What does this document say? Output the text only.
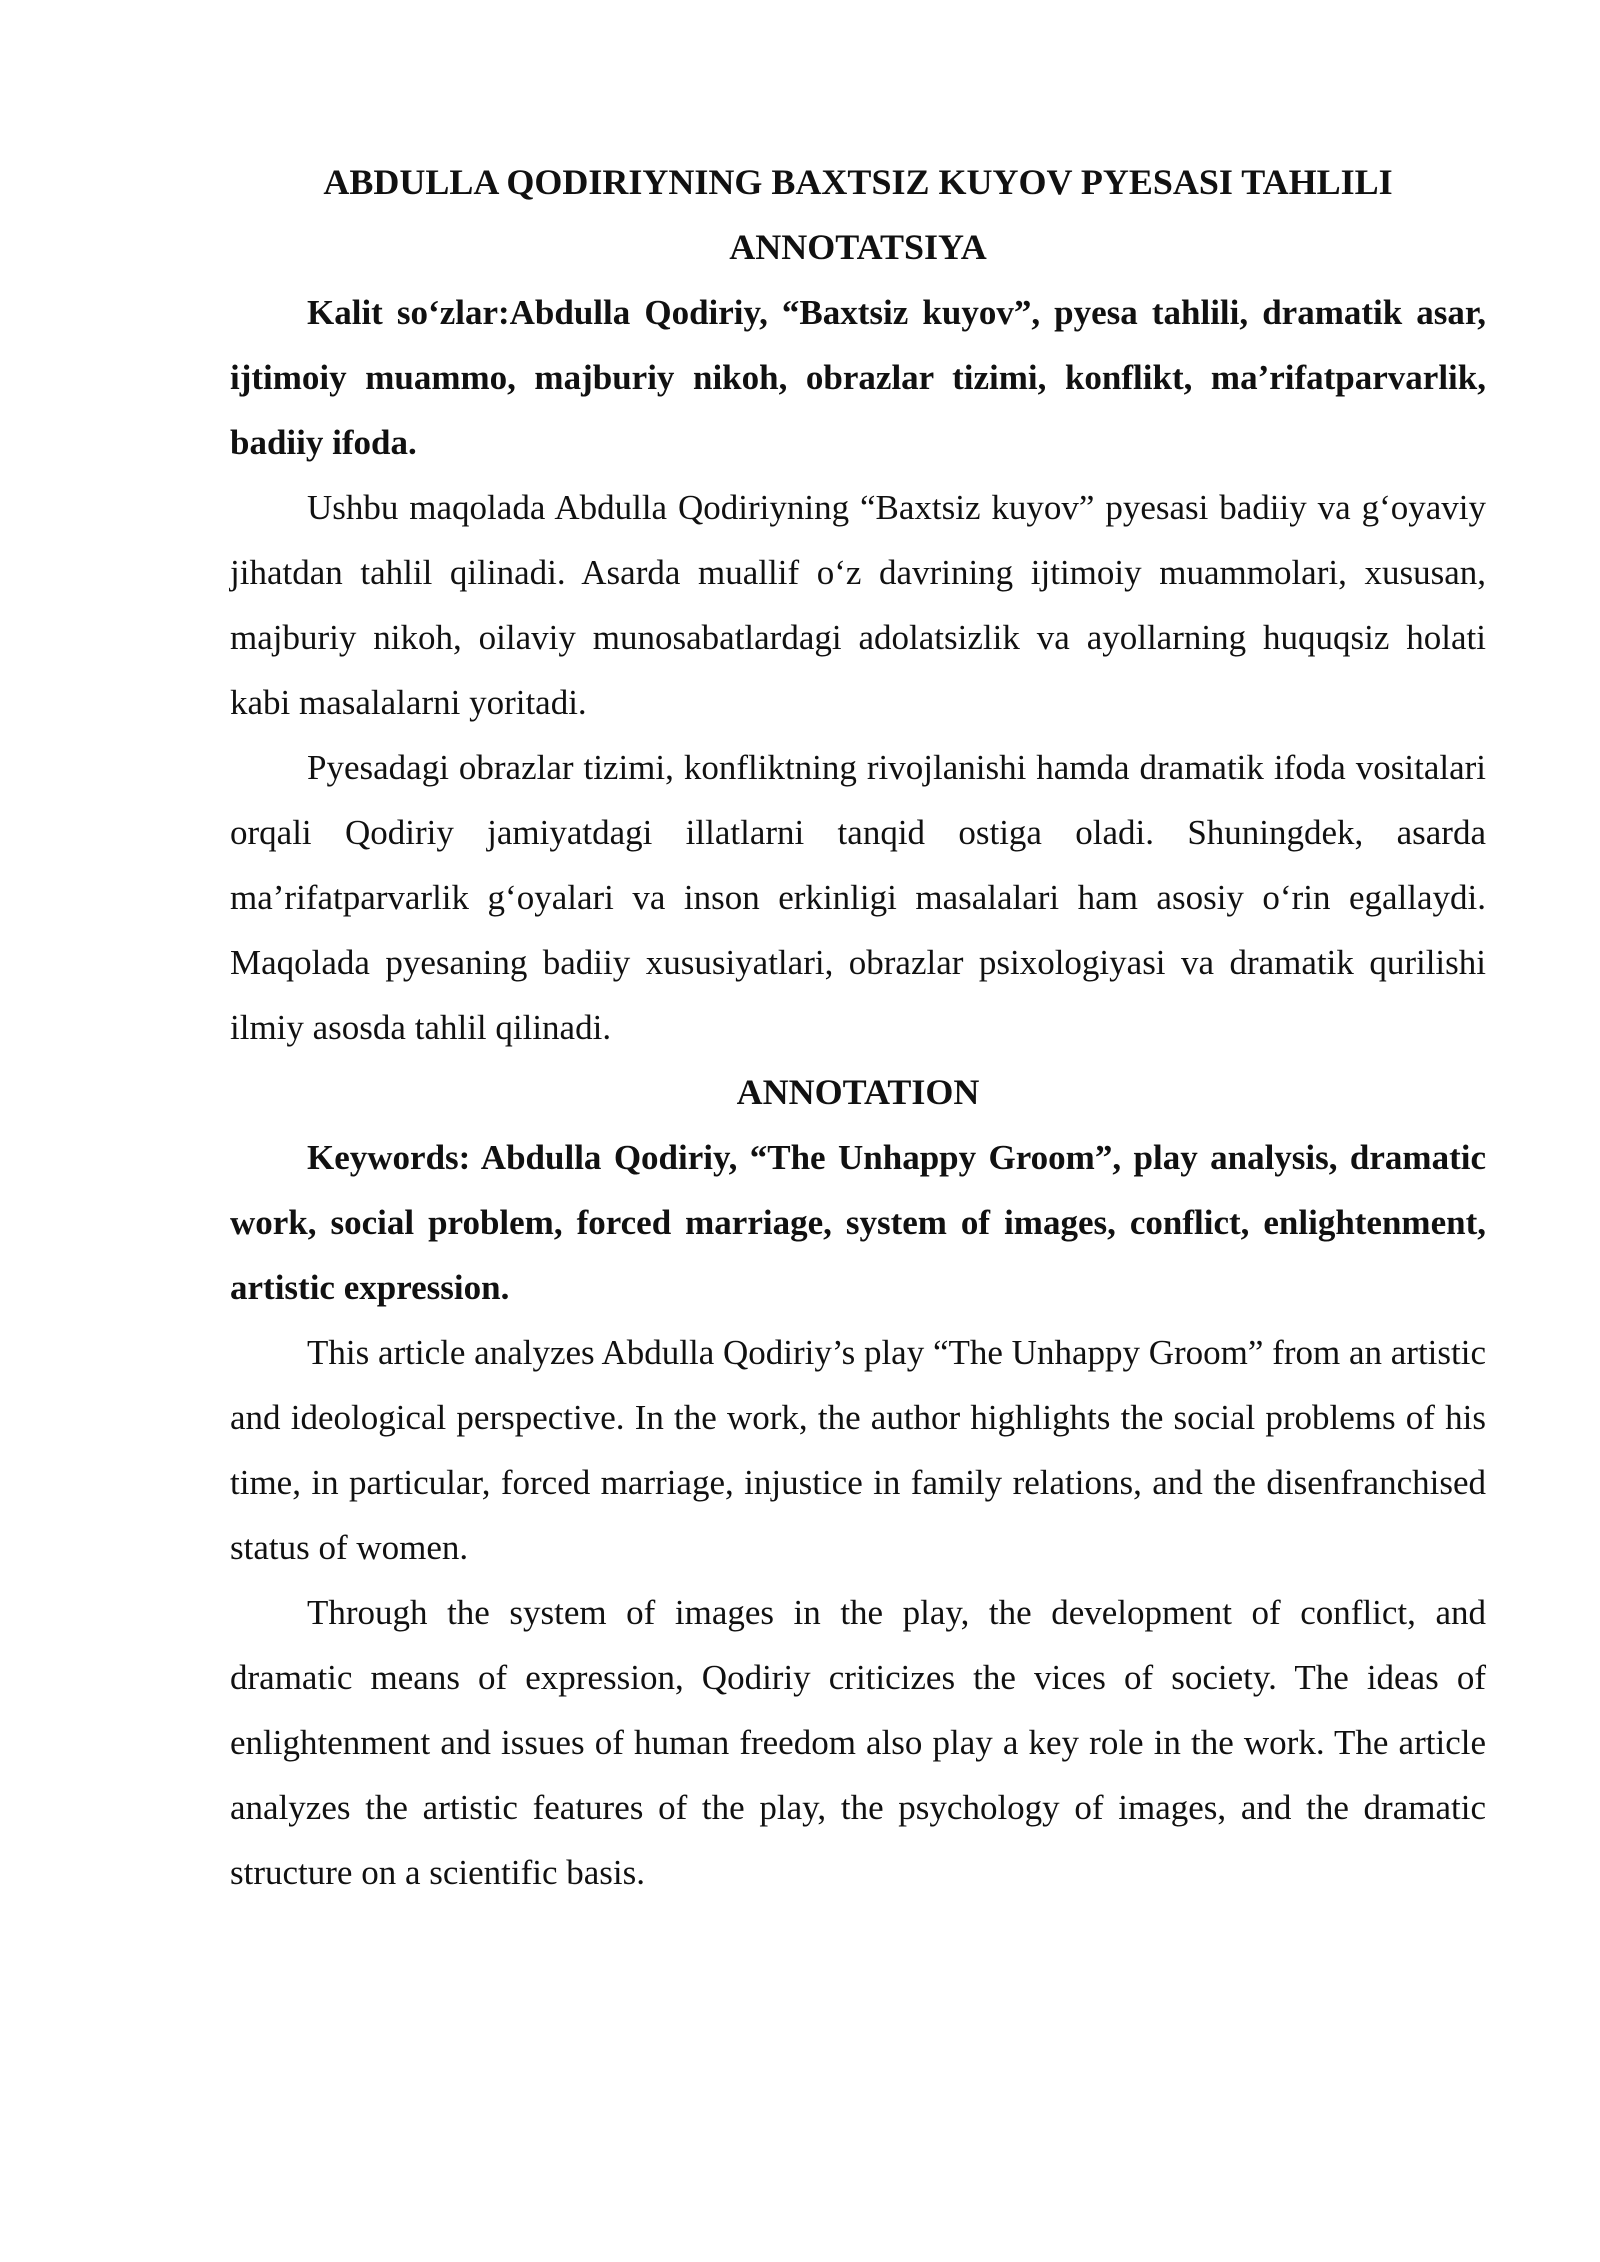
ABDULLA QODIRIYNING BAXTSIZ KUYOV PYESASI TAHLILI
ANNOTATSIYA

Kalit so‘zlar:Abdulla Qodiriy, “Baxtsiz kuyov”, pyesa tahlili, dramatik asar, ijtimoiy muammo, majburiy nikoh, obrazlar tizimi, konflikt, ma’rifatparvarlik, badiiy ifoda.

Ushbu maqolada Abdulla Qodiriyning “Baxtsiz kuyov” pyesasi badiiy va g‘oyaviy jihatdan tahlil qilinadi. Asarda muallif o‘z davrining ijtimoiy muammolari, xususan, majburiy nikoh, oilaviy munosabatlardagi adolatsizlik va ayollarning huquqsiz holati kabi masalalarni yoritadi.

Pyesadagi obrazlar tizimi, konfliktning rivojlanishi hamda dramatik ifoda vositalari orqali Qodiriy jamiyatdagi illatlarni tanqid ostiga oladi. Shuningdek, asarda ma’rifatparvarlik g‘oyalari va inson erkinligi masalalari ham asosiy o‘rin egallaydi. Maqolada pyesaning badiiy xususiyatlari, obrazlar psixologiyasi va dramatik qurilishi ilmiy asosda tahlil qilinadi.

ANNOTATION

Keywords: Abdulla Qodiriy, “The Unhappy Groom”, play analysis, dramatic work, social problem, forced marriage, system of images, conflict, enlightenment, artistic expression.

This article analyzes Abdulla Qodiriy’s play “The Unhappy Groom” from an artistic and ideological perspective. In the work, the author highlights the social problems of his time, in particular, forced marriage, injustice in family relations, and the disenfranchised status of women.

Through the system of images in the play, the development of conflict, and dramatic means of expression, Qodiriy criticizes the vices of society. The ideas of enlightenment and issues of human freedom also play a key role in the work. The article analyzes the artistic features of the play, the psychology of images, and the dramatic structure on a scientific basis.
